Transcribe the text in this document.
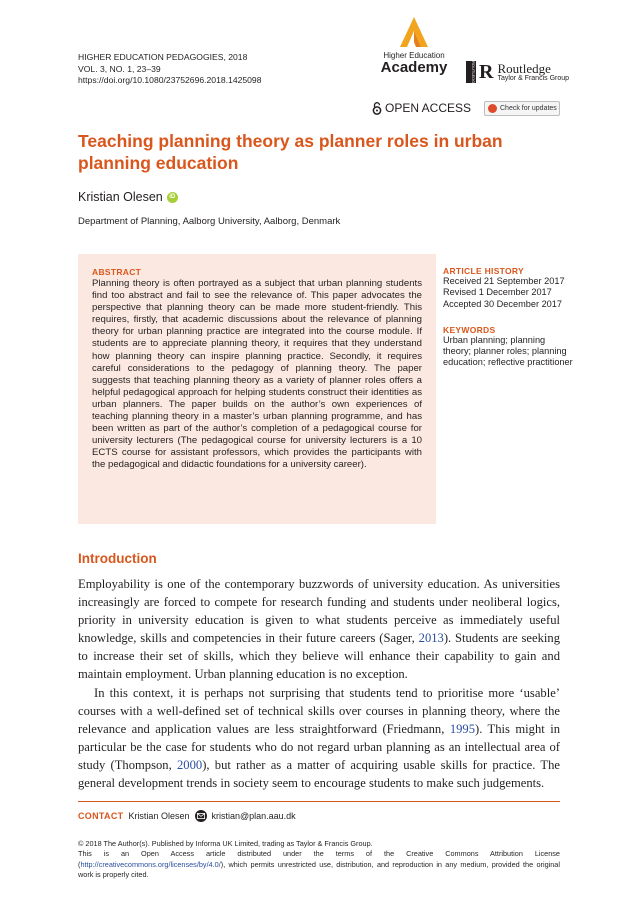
HIGHER EDUCATION PEDAGOGIES, 2018
VOL. 3, NO. 1, 23–39
https://doi.org/10.1080/23752696.2018.1425098
Higher Education
Academy	ROUTLEDGE R Routledge
Taylor & Francis Group
OPEN ACCESS	Check for updates
Teaching planning theory as planner roles in urban planning education
Kristian Olesen	iD
Department of Planning, Aalborg University, Aalborg, Denmark
ABSTRACT
Planning theory is often portrayed as a subject that urban planning students find too abstract and fail to see the relevance of. This paper advocates the perspective that planning theory can be made more student-friendly. This requires, firstly, that academic discussions about the relevance of planning theory for urban planning practice are integrated into the course module. If students are to appreciate planning theory, it requires that they understand how planning theory can inspire planning practice. Secondly, it requires careful considerations to the pedagogy of planning theory. The paper suggests that teaching planning theory as a variety of planner roles offers a helpful pedagogical approach for helping students construct their identities as urban planners. The paper builds on the author’s own experiences of teaching planning theory in a master’s urban planning programme, and has been written as part of the author’s completion of a pedagogical course for university lecturers (The pedagogical course for university lecturers is a 10 ECTS course for assistant professors, which provides the participants with the pedagogical and didactic foundations for a university career).
ARTICLE HISTORY
Received 21 September 2017
Revised 1 December 2017
Accepted 30 December 2017
KEYWORDS
Urban planning; planning theory; planner roles; planning education; reflective practitioner
Introduction

Employability is one of the contemporary buzzwords of university education. As universities increasingly are forced to compete for research funding and students under neoliberal logics, priority in university education is given to what students perceive as immediately useful knowledge, skills and competencies in their future careers (Sager, 2013). Students are seeking to increase their set of skills, which they believe will enhance their capability to gain and maintain employment. Urban planning education is no exception.

In this context, it is perhaps not surprising that students tend to prioritise more ‘usable’ courses with a well-defined set of technical skills over courses in planning theory, where the relevance and application values are less straightforward (Friedmann, 1995). This might in particular be the case for students who do not regard urban planning as an intellectual area of study (Thompson, 2000), but rather as a matter of acquiring usable skills for practice. The general development trends in society seem to encourage students to make such judgements.

CONTACT Kristian Olesen kristian@plan.aau.dk
© 2018 The Author(s). Published by Informa UK Limited, trading as Taylor & Francis Group.
This is an Open Access article distributed under the terms of the Creative Commons Attribution License (http://creativecommons.org/licenses/by/4.0/), which permits unrestricted use, distribution, and reproduction in any medium, provided the original work is properly cited.
